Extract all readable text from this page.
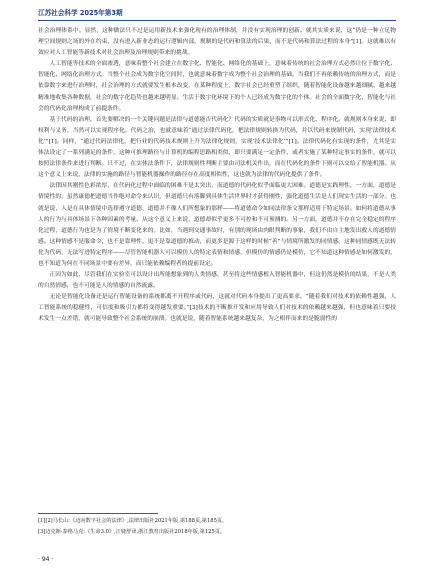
江苏社会科学 2025年第3期

社会治理体系中。显然，这种做法只不过是运用新技术来强化现有的治理体制，并没有实现治理的创新。就其实质来说，这“仍是一种立足物理空间规则之场的外在约束，没有进入新业态的运行逻辑内部，规制的是代码和算法的后果，而不是代码和算法过程的本身”[1]。这就难以有效应对人工智能等新技术对社会治理及治理规则带来的挑战。

人工智能等技术的全面渗透，意味着整个社会建立在数字化、智能化、网络化的基础上，意味着传统的社会治理方式必然让位于数字化、智能化、网络化治理方式。当整个社会成为数字化空间时，也就意味着数字成为整个社会治理的基础。当我们不再依赖传统的治理方式，而是依靠数字来进行治理时，社会治理的方式就要发生根本改变。在某种程度上，数字社会已经重塑了组织，随着智能化设备越来越细腻、越来越精准地收集各种数据，社会的数字化趋势也越来越明显。生活于数字化环境下的个人已经成为数字化的个体。社会的全面数字化、智能化与社会的代码化治理构成了前提条件。

基于代码的治理，首先要解决的一个关键问题是法律与道德能否代码化？代码的实质就是事物可以形式化、程序化。就规则本身来说，即权利与义务，当然可以实现程序化。代码之治，也就意味着“通过法律代码化，把法律规则转换为代码，并以代码来规制代码，实现‘法律技术化’”[1]。同样，“通过代码法律化，把行业的代码技术规则上升为法律化规则，实现‘技术法律化’”[1]。法律代码化有实现的条件，尤其是实体法设定了一系列满足的条件，这种可推理路径与计算机的编程思路相类似，即只要满足一定条件，或者实施了某种特定事实的条件，就可以按照法律条件来进行判断。只不过，在实体法条件下，法律规则性判断主要由司法机关作出，而在代码化的条件下则可以交给了智能机器。从这个意义上来说，法律的实施的路径与智能机器操作的路径存在高度相似性，这也就为法律的代码化提供了条件。

法律因其刚性色彩浓厚，在代码化过程中面临的困难不是太突出，而道德的代码化似乎面临更大困难。道德是实践理性，一方面，道德是情境性的，虽然康德把道德当作绝对命令来认识，但道德只有落脚到具体生活世界时才获得刚性，强化道德生活是人们现实生活的一部分。也就是说，人是在具体情境中选择遵守道德，道德并不像人们所想象的那样——将道德命令如同法律条文那样适用于特定场景。如何将道德从事人的行为与具体场景下各种因素的考量。从这个意义上来说，道德却似乎更多不可控和不可预测的。另一方面，道德并不存在完全稳定的程序化过程，道德行为也是为了情境不断变化来的。比如，当遇到交通事故时，有别的现场由肉眼判断的事象，我们不由自主地发出救人的道德情感。这种情感不是服命令，也不是靠理性。更不是靠道德的推动，而更多是源于这样的时候“善”与情境所激发的同情感。这种同情感既无法转化为代码，无法写进特定程序——尽管智能机器人可以模仿人的特定表情和情感，但模仿的情感仍是模仿，它不知道这种情感是如何激发的，也不知道为何在不同场景中要有差异，而只能依赖编程者的提前设定。

正因为如此，尽管我们在实验室可以设计出所能想象到的人类情感，甚至将这些情感植入智能机器中，但这仍然是模仿的结果，不是人类的自然情感，也不可能是人的情感的自然流露。

无论是智能化设备还是运行智能设备的系统都离不开程序或代码，这就对代码本身提出了更高要求。“随着我们对技术的依赖性越强，人工智能系统的稳健性，可信度和吸引力都将变得越发重要。”[3]技术的不断推开发和应用导致人们对技术的依赖越来越强，但也意味着只要技术发生一点差错，就可能导致整个社会系统的崩溃。也就是说，随着智能系统越来越复杂，为之相伴而来的是脆弱性的

[1][2]马长山:《迈向数字社会的法律》,法律出版社2021年版,第188页,第185页。
[3]迈克斯·泰格马克:《生命3.0》,汪婕舒译,浙江教育出版社2018年版,第125页。
· 94 ·
